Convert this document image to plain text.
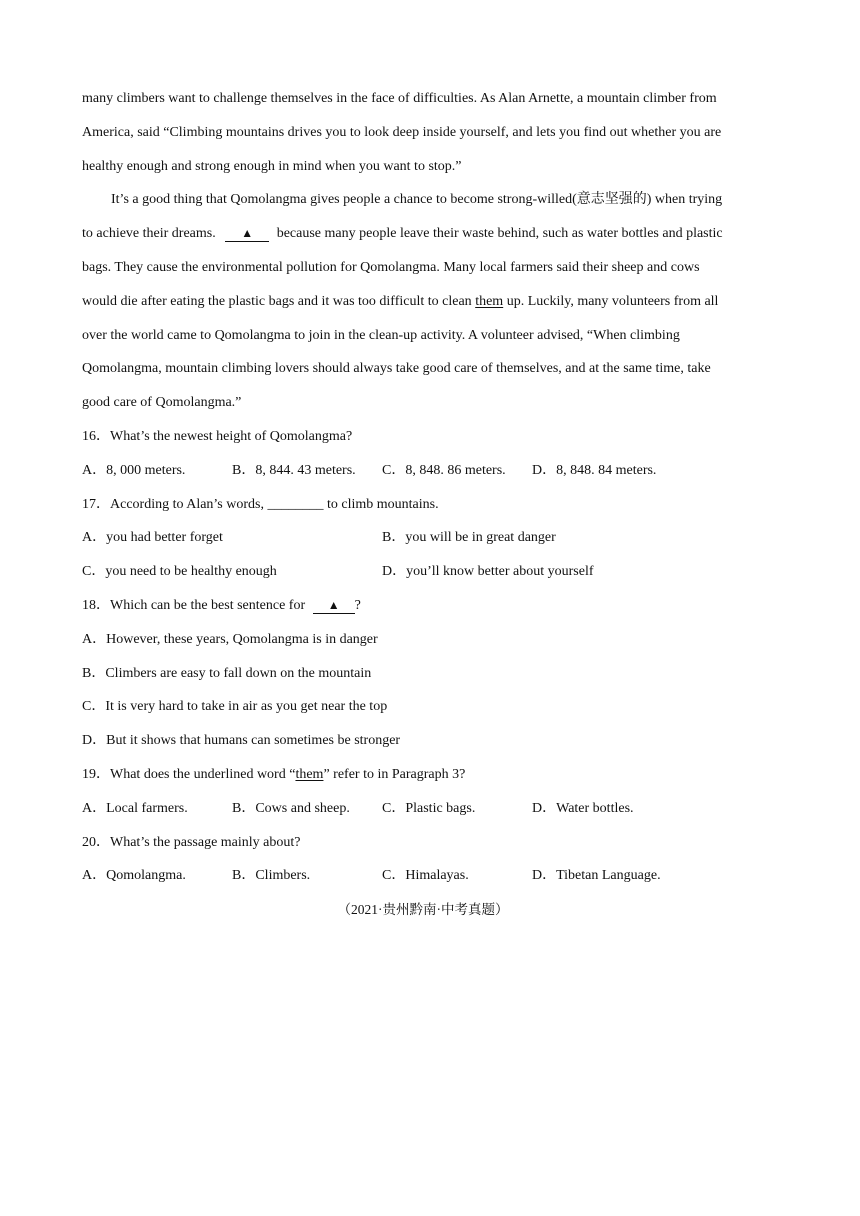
many climbers want to challenge themselves in the face of difficulties. As Alan Arnette, a mountain climber from
America, said “Climbing mountains drives you to look deep inside yourself, and lets you find out whether you are
healthy enough and strong enough in mind when you want to stop.”
It’s a good thing that Qomolangma gives people a chance to become strong-willed(意志坚强的) when trying
to achieve their dreams. ▲ because many people leave their waste behind, such as water bottles and plastic
bags. They cause the environmental pollution for Qomolangma. Many local farmers said their sheep and cows
would die after eating the plastic bags and it was too difficult to clean them up. Luckily, many volunteers from all
over the world came to Qomolangma to join in the clean-up activity. A volunteer advised, “When climbing
Qomolangma, mountain climbing lovers should always take good care of themselves, and at the same time, take
good care of Qomolangma.”
16．What’s the newest height of Qomolangma?
A．8, 000 meters.	B．8, 844. 43 meters. C．8, 848. 86 meters. D．8, 848. 84 meters.
17．According to Alan’s words, ________ to climb mountains.
A．you had better forget	B．you will be in great danger
C．you need to be healthy enough	D．you’ll know better about yourself
18．Which can be the best sentence for ▲ ?
A．However, these years, Qomolangma is in danger
B．Climbers are easy to fall down on the mountain
C．It is very hard to take in air as you get near the top
D．But it shows that humans can sometimes be stronger
19．What does the underlined word “them” refer to in Paragraph 3?
A．Local farmers.	B．Cows and sheep. C．Plastic bags.	D．Water bottles.
20．What’s the passage mainly about?
A．Qomolangma.	B．Climbers.	C．Himalayas.	D．Tibetan Language.
（2021·贵州黔南·中考真题）
